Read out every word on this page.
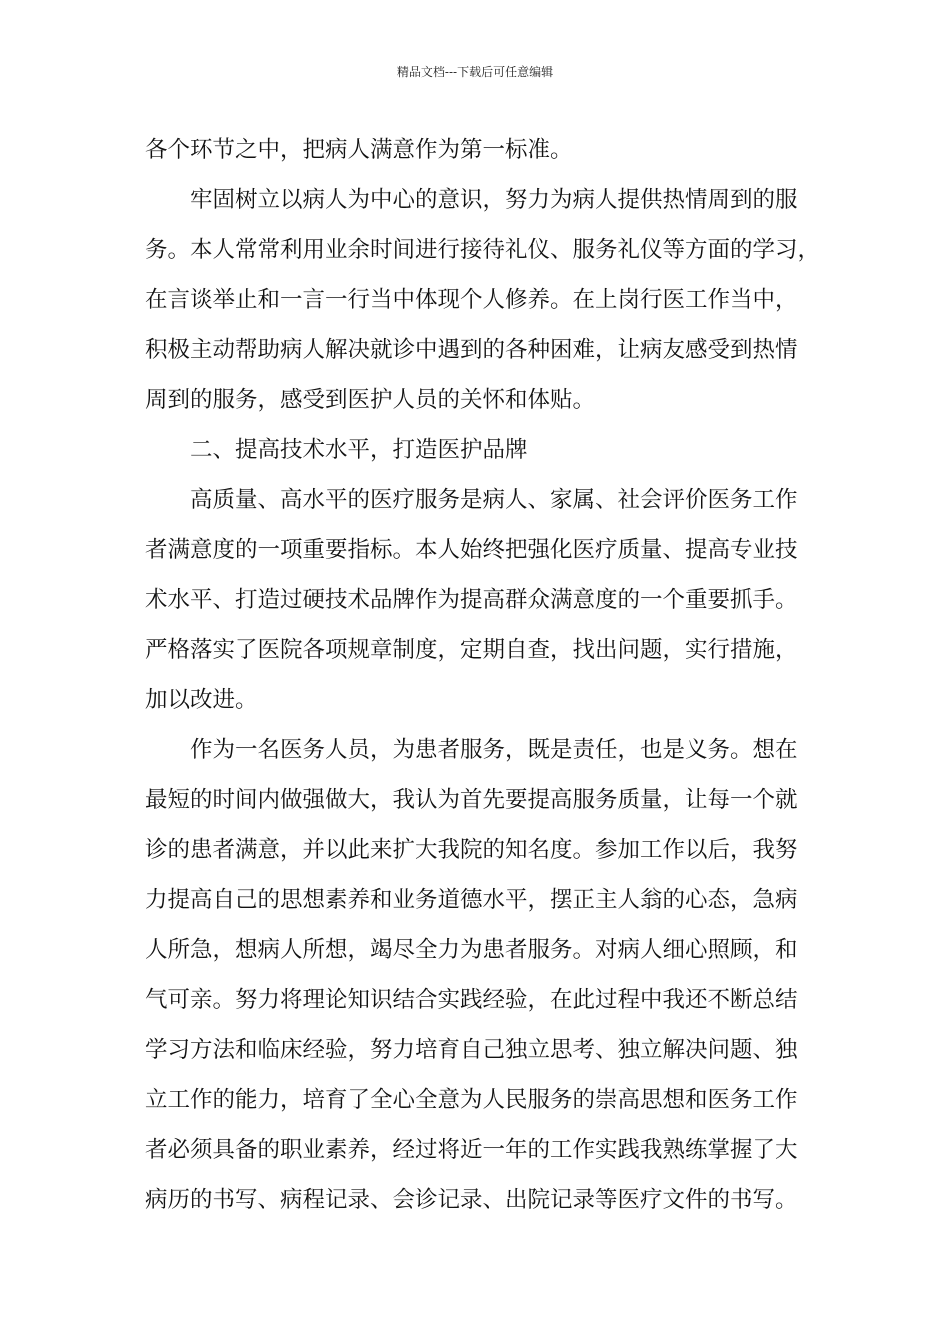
精品文档---下载后可任意编辑
各个环节之中，把病人满意作为第一标准。
牢固树立以病人为中心的意识，努力为病人提供热情周到的服
务。本人常常利用业余时间进行接待礼仪、服务礼仪等方面的学习，
在言谈举止和一言一行当中体现个人修养。在上岗行医工作当中，
积极主动帮助病人解决就诊中遇到的各种困难，让病友感受到热情
周到的服务，感受到医护人员的关怀和体贴。
二、提高技术水平，打造医护品牌
高质量、高水平的医疗服务是病人、家属、社会评价医务工作
者满意度的一项重要指标。本人始终把强化医疗质量、提高专业技
术水平、打造过硬技术品牌作为提高群众满意度的一个重要抓手。
严格落实了医院各项规章制度，定期自查，找出问题，实行措施，
加以改进。
作为一名医务人员，为患者服务，既是责任，也是义务。想在
最短的时间内做强做大，我认为首先要提高服务质量，让每一个就
诊的患者满意，并以此来扩大我院的知名度。参加工作以后，我努
力提高自己的思想素养和业务道德水平，摆正主人翁的心态，急病
人所急，想病人所想，竭尽全力为患者服务。对病人细心照顾，和
气可亲。努力将理论知识结合实践经验，在此过程中我还不断总结
学习方法和临床经验，努力培育自己独立思考、独立解决问题、独
立工作的能力，培育了全心全意为人民服务的崇高思想和医务工作
者必须具备的职业素养，经过将近一年的工作实践我熟练掌握了大
病历的书写、病程记录、会诊记录、出院记录等医疗文件的书写。
